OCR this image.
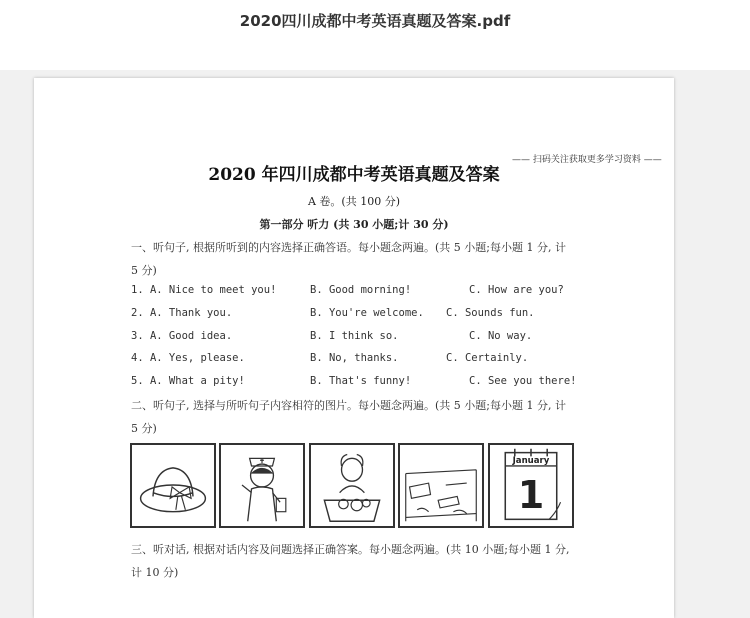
2020四川成都中考英语真题及答案.pdf
—— 扫码关注获取更多学习资料 ——
2020 年四川成都中考英语真题及答案
A 卷。(共 100 分)
第一部分 听力 (共 30 小题;计 30 分)
一、听句子, 根据所听到的内容选择正确答语。每小题念两遍。(共 5 小题;每小题 1 分, 计
5 分)
1. A. Nice to meet you!	B. Good morning!	C. How are you?
2. A. Thank you.	B. You're welcome. C. Sounds fun.
3. A. Good idea.	B. I think so.	C. No way.
4. A. Yes, please.	B. No, thanks.	C. Certainly.
5. A. What a pity!	B. That's funny!	C. See you there!
二、听句子, 选择与所听句子内容相符的图片。每小题念两遍。(共 5 小题;每小题 1 分, 计
5 分)
January
1
三、听对话, 根据对话内容及问题选择正确答案。每小题念两遍。(共 10 小题;每小题 1 分,
计 10 分)
